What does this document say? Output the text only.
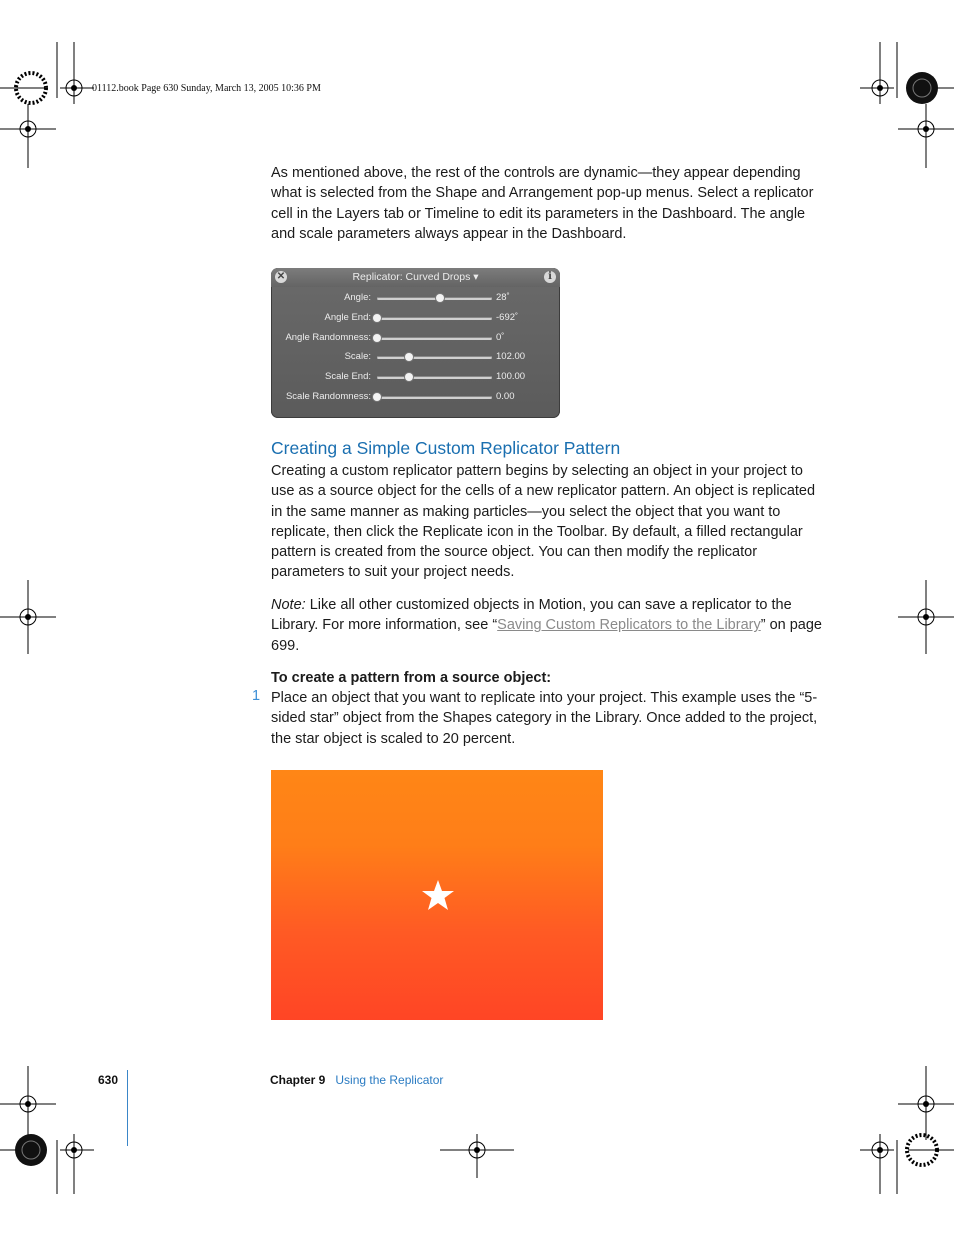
01112.book Page 630 Sunday, March 13, 2005 10:36 PM

As mentioned above, the rest of the controls are dynamic—they appear depending what is selected from the Shape and Arrangement pop-up menus. Select a replicator cell in the Layers tab or Timeline to edit its parameters in the Dashboard. The angle and scale parameters always appear in the Dashboard.

✕	Replicator: Curved Drops ▾	i
Angle:	28˚
Angle End:	-692˚
Angle Randomness:	0˚
Scale:	102.00
Scale End:	100.00
Scale Randomness:	0.00
Creating a Simple Custom Replicator Pattern

Creating a custom replicator pattern begins by selecting an object in your project to use as a source object for the cells of a new replicator pattern. An object is replicated in the same manner as making particles—you select the object that you want to replicate, then click the Replicate icon in the Toolbar. By default, a filled rectangular pattern is created from the source object. You can then modify the replicator parameters to suit your project needs.

Note: Like all other customized objects in Motion, you can save a replicator to the Library. For more information, see “Saving Custom Replicators to the Library” on page 699.

To create a pattern from a source object:
1 Place an object that you want to replicate into your project. This example uses the “5-sided star” object from the Shapes category in the Library. Once added to the project, the star object is scaled to 20 percent.

630	Chapter 9 Using the Replicator
